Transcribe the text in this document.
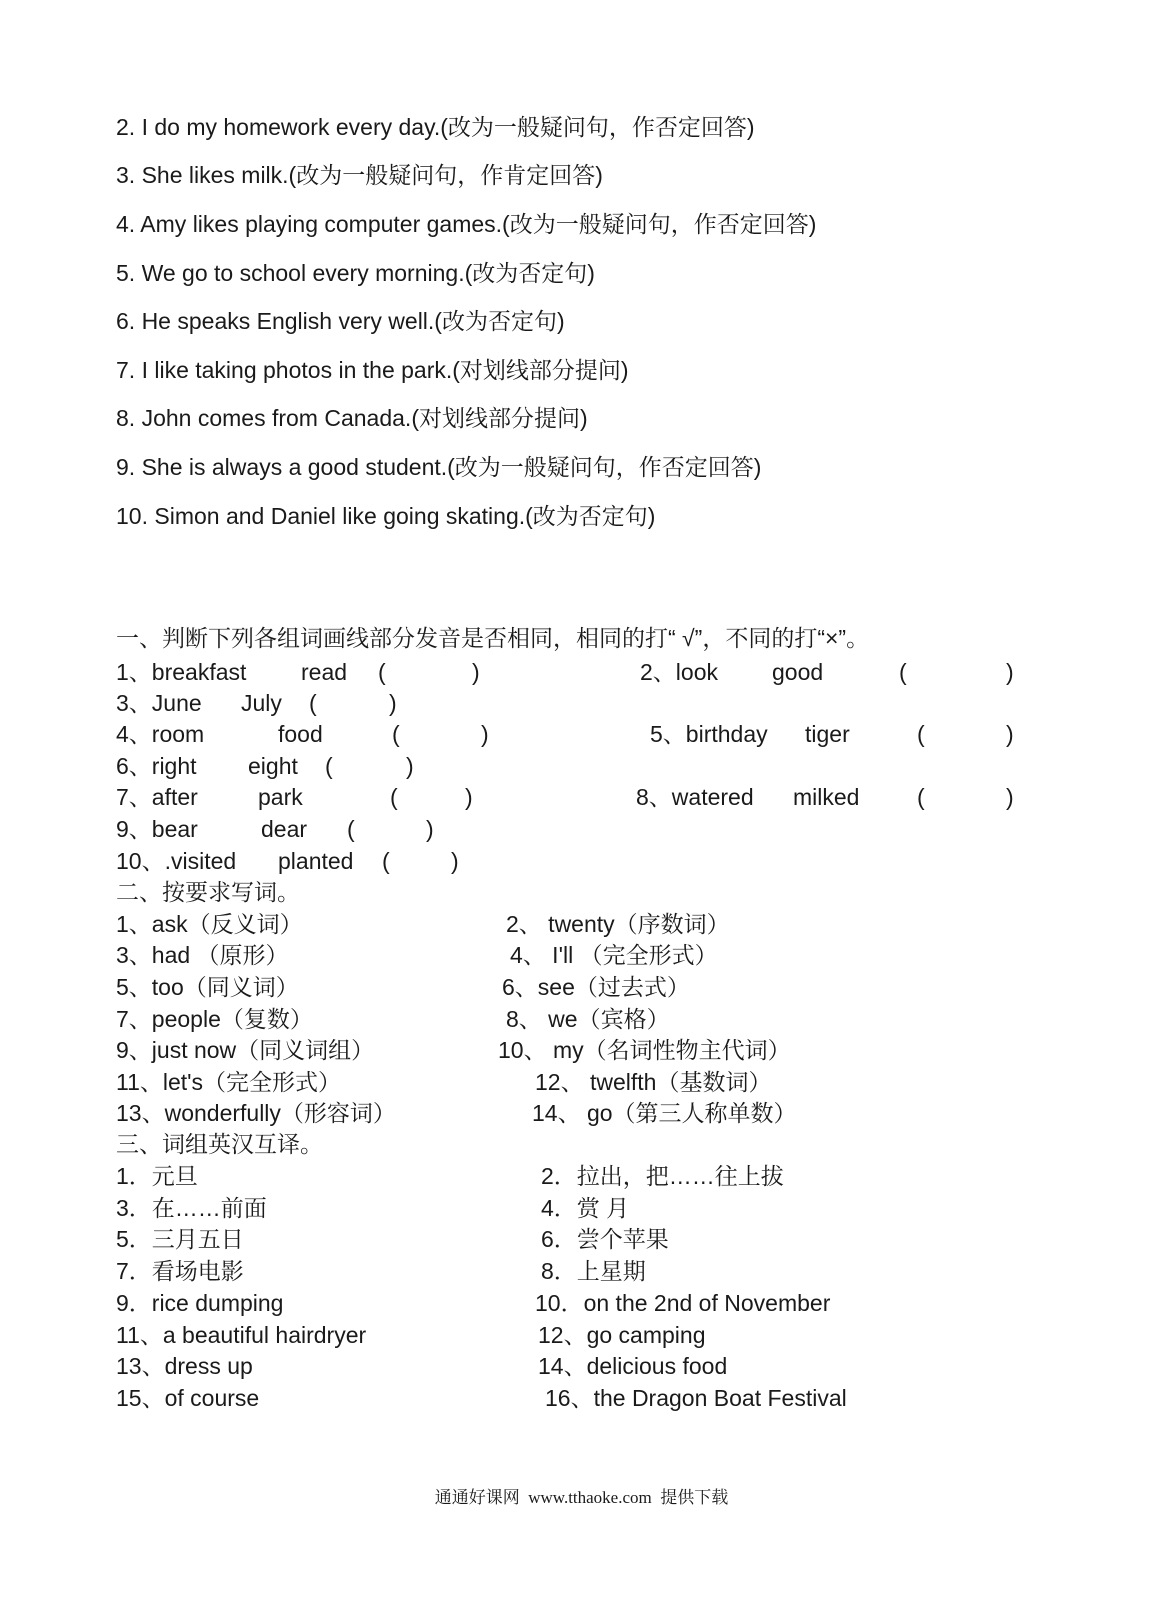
2. I do my homework every day.(改为一般疑问句，作否定回答)
3. She likes milk.(改为一般疑问句，作肯定回答)
4. Amy likes playing computer games.(改为一般疑问句，作否定回答)
5. We go to school every morning.(改为否定句)
6. He speaks English very well.(改为否定句)
7. I like taking photos in the park.(对划线部分提问)
8. John comes from Canada.(对划线部分提问)
9. She is always a good student.(改为一般疑问句，作否定回答)
10. Simon and Daniel like going skating.(改为否定句)
一、判断下列各组词画线部分发音是否相同，相同的打“ √”，不同的打“×”。
1、breakfast read (	)	2、look good	(	)
3、June July (	)
4、room	food	(	)	5、birthday tiger	(	)
6、right eight (	)
7、after	park	(	)	8、watered milked	(	)
9、bear	dear (	)
10、.visited planted (	)
二、按要求写词。
1、ask（反义词）	2、 twenty（序数词）
3、had （原形）	4、 I'll （完全形式）
5、too（同义词）	6、see（过去式）
7、people（复数）	8、 we（宾格）
9、just now（同义词组）	10、 my（名词性物主代词）
11、let's（完全形式）	12、 twelfth（基数词）
13、wonderfully（形容词）	14、 go（第三人称单数）
三、词组英汉互译。
1．元旦	2．拉出，把……往上拔
3．在……前面	4．赏 月
5．三月五日	6．尝个苹果
7．看场电影	8．上星期
9．rice dumping	10．on the 2nd of November
11、a beautiful hairdryer	12、go camping
13、dress up	14、delicious food
15、of course	16、the Dragon Boat Festival
通通好课网  www.tthaoke.com  提供下载
